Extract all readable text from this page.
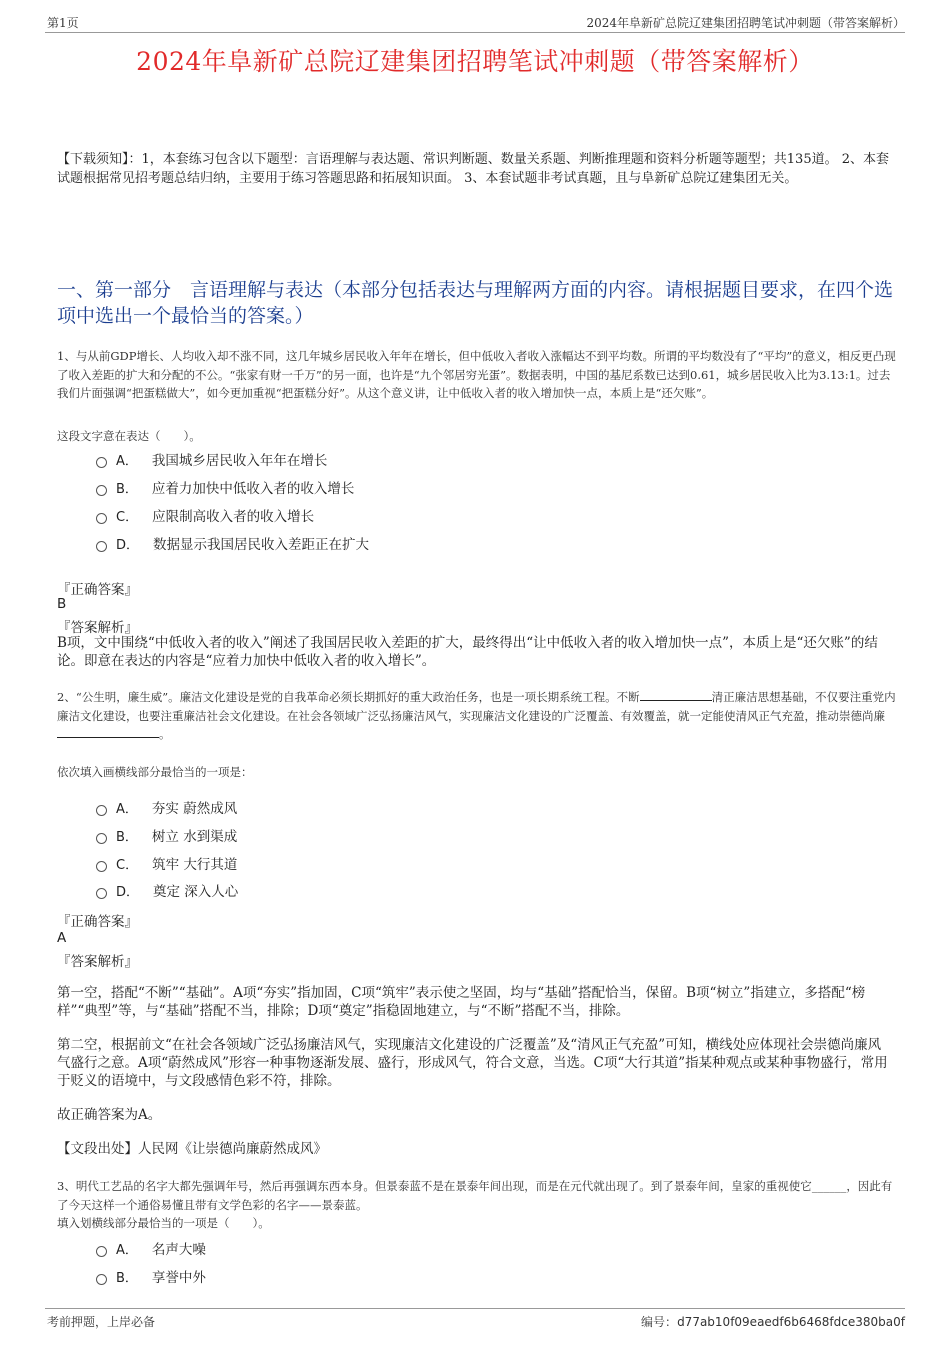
第1页	2024年阜新矿总院辽建集团招聘笔试冲刺题（带答案解析）
2024年阜新矿总院辽建集团招聘笔试冲刺题（带答案解析）
【下载须知】：1，本套练习包含以下题型：言语理解与表达题、常识判断题、数量关系题、判断推理题和资料分析题等题型；共135道。 2、本套试题根据常见招考题总结归纳，主要用于练习答题思路和拓展知识面。 3、本套试题非考试真题，且与阜新矿总院辽建集团无关。
一、第一部分　言语理解与表达（本部分包括表达与理解两方面的内容。请根据题目要求，在四个选项中选出一个最恰当的答案。）
1、与从前GDP增长、人均收入却不涨不同，这几年城乡居民收入年年在增长，但中低收入者收入涨幅达不到平均数。所谓的平均数没有了“平均”的意义，相反更凸现了收入差距的扩大和分配的不公。“张家有财一千万”的另一面，也许是“九个邻居穷光蛋”。数据表明，中国的基尼系数已达到0.61，城乡居民收入比为3.13:1。过去我们片面强调“把蛋糕做大”，如今更加重视“把蛋糕分好”。从这个意义讲，让中低收入者的收入增加快一点，本质上是“还欠账”。
这段文字意在表达（　　）。
A． 我国城乡居民收入年年在增长
B． 应着力加快中低收入者的收入增长
C． 应限制高收入者的收入增长
D． 数据显示我国居民收入差距正在扩大
『正确答案』
B
『答案解析』
B项，文中围绕“中低收入者的收入”阐述了我国居民收入差距的扩大，最终得出“让中低收入者的收入增加快一点”，本质上是“还欠账”的结论。即意在表达的内容是“应着力加快中低收入者的收入增长”。
2、“公生明，廉生威”。廉洁文化建设是党的自我革命必须长期抓好的重大政治任务，也是一项长期系统工程。不断	清正廉洁思想基础，不仅要注重党内廉洁文化建设，也要注重廉洁社会文化建设。在社会各领域广泛弘扬廉洁风气，实现廉洁文化建设的广泛覆盖、有效覆盖，就一定能使清风正气充盈，推动崇德尚廉。
依次填入画横线部分最恰当的一项是：
A． 夯实 蔚然成风
B． 树立 水到渠成
C． 筑牢 大行其道
D． 奠定 深入人心
『正确答案』
A
『答案解析』
第一空，搭配“不断”“基础”。A项“夯实”指加固，C项“筑牢”表示使之坚固，均与“基础”搭配恰当，保留。B项“树立”指建立，多搭配“榜样”“典型”等，与“基础”搭配不当，排除；D项“奠定”指稳固地建立，与“不断”搭配不当，排除。
第二空，根据前文“在社会各领域广泛弘扬廉洁风气，实现廉洁文化建设的广泛覆盖”及“清风正气充盈”可知，横线处应体现社会崇德尚廉风气盛行之意。A项“蔚然成风”形容一种事物逐渐发展、盛行，形成风气，符合文意，当选。C项“大行其道”指某种观点或某种事物盛行，常用于贬义的语境中，与文段感情色彩不符，排除。
故正确答案为A。
【文段出处】人民网《让崇德尚廉蔚然成风》
3、明代工艺品的名字大都先强调年号，然后再强调东西本身。但景泰蓝不是在景泰年间出现，而是在元代就出现了。到了景泰年间，皇家的重视使它______，因此有了今天这样一个通俗易懂且带有文学色彩的名字——景泰蓝。
填入划横线部分最恰当的一项是（　　）。
A． 名声大噪
B． 享誉中外
考前押题，上岸必备	编号：d77ab10f09eaedf6b6468fdce380ba0f
